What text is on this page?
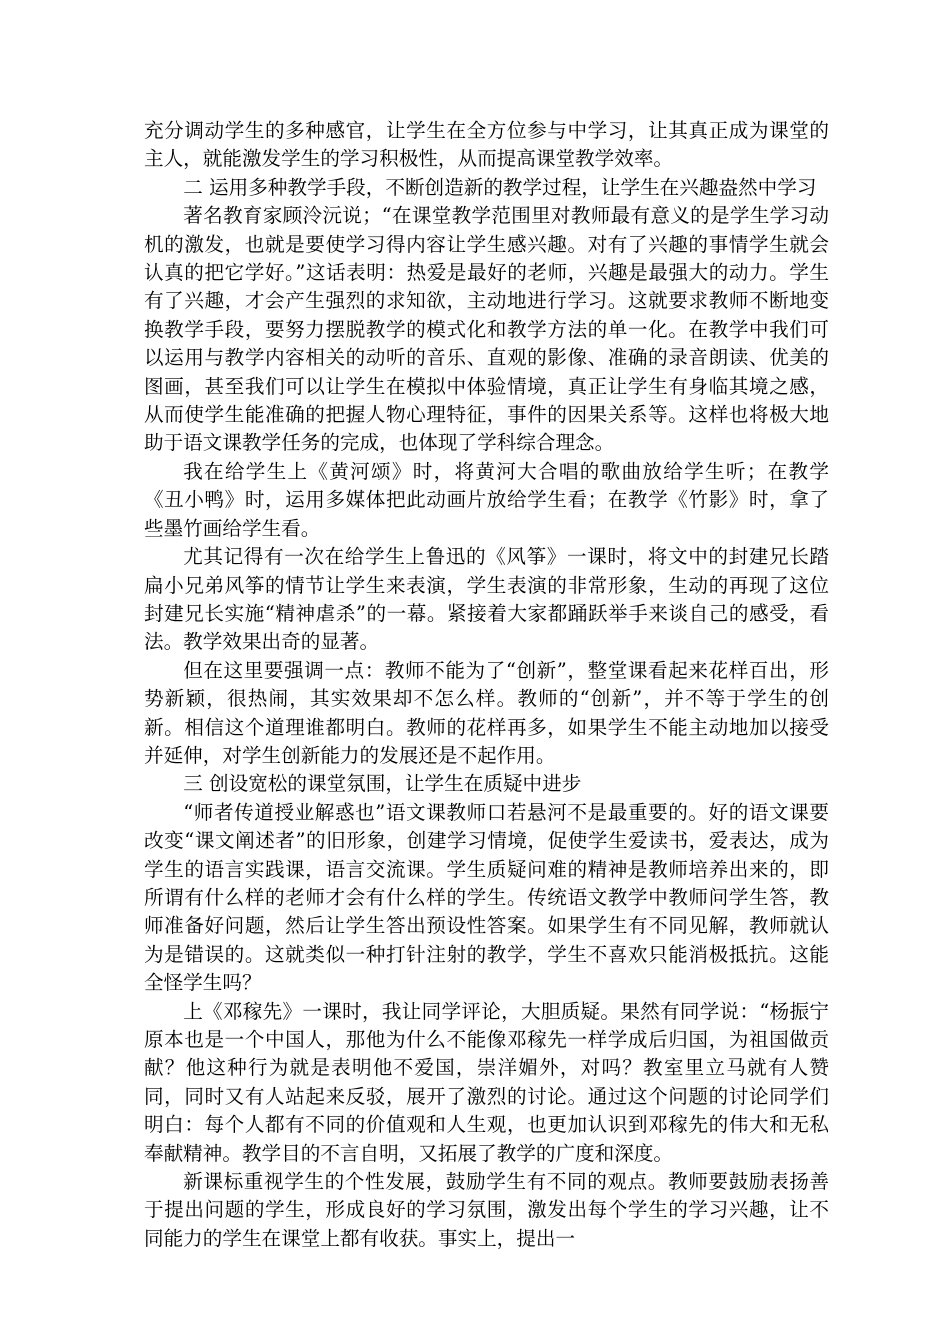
充分调动学生的多种感官，让学生在全方位参与中学习，让其真正成为课堂的主人，就能激发学生的学习积极性，从而提高课堂教学效率。

二 运用多种教学手段，不断创造新的教学过程，让学生在兴趣盎然中学习

著名教育家顾泠沅说；“在课堂教学范围里对教师最有意义的是学生学习动机的激发，也就是要使学习得内容让学生感兴趣。对有了兴趣的事情学生就会认真的把它学好。”这话表明：热爱是最好的老师，兴趣是最强大的动力。学生有了兴趣，才会产生强烈的求知欲，主动地进行学习。这就要求教师不断地变换教学手段，要努力摆脱教学的模式化和教学方法的单一化。在教学中我们可以运用与教学内容相关的动听的音乐、直观的影像、准确的录音朗读、优美的图画，甚至我们可以让学生在模拟中体验情境，真正让学生有身临其境之感，从而使学生能准确的把握人物心理特征，事件的因果关系等。这样也将极大地助于语文课教学任务的完成，也体现了学科综合理念。

我在给学生上《黄河颂》时，将黄河大合唱的歌曲放给学生听；在教学《丑小鸭》时，运用多媒体把此动画片放给学生看；在教学《竹影》时，拿了些墨竹画给学生看。

尤其记得有一次在给学生上鲁迅的《风筝》一课时，将文中的封建兄长踏扁小兄弟风筝的情节让学生来表演，学生表演的非常形象，生动的再现了这位封建兄长实施“精神虐杀”的一幕。紧接着大家都踊跃举手来谈自己的感受，看法。教学效果出奇的显著。

但在这里要强调一点：教师不能为了“创新”，整堂课看起来花样百出，形势新颖，很热闹，其实效果却不怎么样。教师的“创新”，并不等于学生的创新。相信这个道理谁都明白。教师的花样再多，如果学生不能主动地加以接受并延伸，对学生创新能力的发展还是不起作用。

三 创设宽松的课堂氛围，让学生在质疑中进步

“师者传道授业解惑也”语文课教师口若悬河不是最重要的。好的语文课要改变“课文阐述者”的旧形象，创建学习情境，促使学生爱读书，爱表达，成为学生的语言实践课，语言交流课。学生质疑问难的精神是教师培养出来的，即所谓有什么样的老师才会有什么样的学生。传统语文教学中教师问学生答，教师准备好问题，然后让学生答出预设性答案。如果学生有不同见解，教师就认为是错误的。这就类似一种打针注射的教学，学生不喜欢只能消极抵抗。这能全怪学生吗？

上《邓稼先》一课时，我让同学评论，大胆质疑。果然有同学说：“杨振宁原本也是一个中国人，那他为什么不能像邓稼先一样学成后归国，为祖国做贡献？他这种行为就是表明他不爱国，崇洋媚外，对吗？教室里立马就有人赞同，同时又有人站起来反驳，展开了激烈的讨论。通过这个问题的讨论同学们明白：每个人都有不同的价值观和人生观，也更加认识到邓稼先的伟大和无私奉献精神。教学目的不言自明，又拓展了教学的广度和深度。

新课标重视学生的个性发展，鼓励学生有不同的观点。教师要鼓励表扬善于提出问题的学生，形成良好的学习氛围，激发出每个学生的学习兴趣，让不同能力的学生在课堂上都有收获。事实上，提出一
